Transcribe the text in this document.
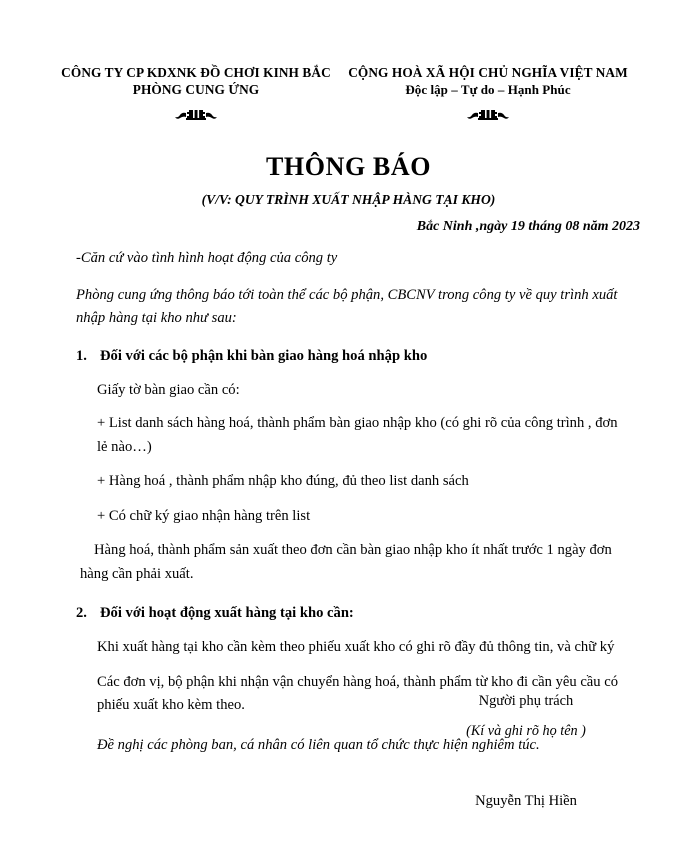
CÔNG TY CP KDXNK ĐỒ CHƠI KINH BẮC
PHÒNG CUNG ỨNG
CỘNG HOÀ XÃ HỘI CHỦ NGHĨA VIỆT NAM
Độc lập – Tự do – Hạnh Phúc
THÔNG BÁO
(V/V: QUY TRÌNH XUẤT NHẬP HÀNG TẠI KHO)
Bắc Ninh ,ngày 19 tháng 08 năm 2023

-Căn cứ vào tình hình hoạt động của công ty

Phòng cung ứng thông báo tới toàn thể các bộ phận, CBCNV trong công ty về quy trình xuất nhập hàng tại kho như sau:

1. Đối với các bộ phận khi bàn giao hàng hoá nhập kho

Giấy tờ bàn giao cần có:

+ List danh sách hàng hoá, thành phẩm bàn giao nhập kho (có ghi rõ của công trình , đơn lẻ nào…)

+ Hàng hoá , thành phẩm nhập kho đúng, đủ theo list danh sách

+ Có chữ ký giao nhận hàng trên list

Hàng hoá, thành phẩm sản xuất theo đơn cần bàn giao nhập kho ít nhất trước 1 ngày đơn hàng cần phải xuất.

2. Đối với hoạt động xuất hàng tại kho cần:

Khi xuất hàng tại kho cần kèm theo phiếu xuất kho có ghi rõ đầy đủ thông tin, và chữ ký

Các đơn vị, bộ phận khi nhận vận chuyển hàng hoá, thành phẩm từ kho đi cần yêu cầu có phiếu xuất kho kèm theo.

Đề nghị các phòng ban, cá nhân có liên quan tổ chức thực hiện nghiêm túc.

Người phụ trách
(Kí và ghi rõ họ tên )
Nguyễn Thị Hiền
